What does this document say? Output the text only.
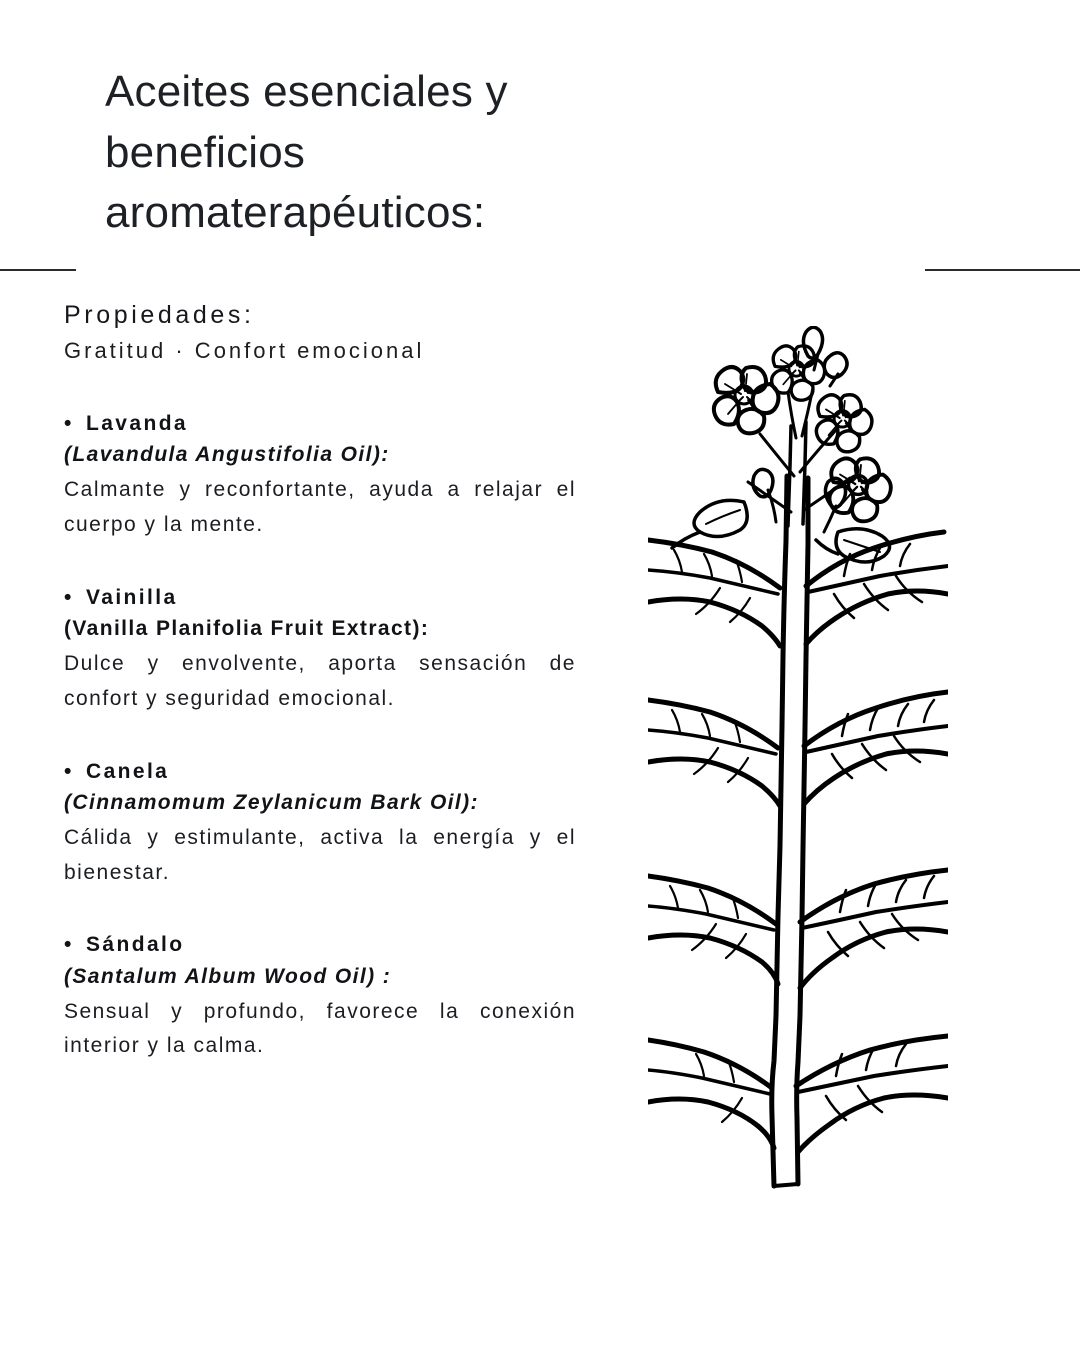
Aceites esenciales y beneficios aromaterapéuticos:

Propiedades:

Gratitud · Confort emocional

• Lavanda

(Lavandula Angustifolia Oil):

Calmante y reconfortante, ayuda a relajar el cuerpo y la mente.

• Vainilla

(Vanilla Planifolia Fruit Extract):

Dulce y envolvente, aporta sensación de confort y seguridad emocional.

• Canela

(Cinnamomum Zeylanicum Bark Oil):

Cálida y estimulante, activa la energía y el bienestar.

• Sándalo

(Santalum Album Wood Oil) :

Sensual y profundo, favorece la conexión interior y la calma.
